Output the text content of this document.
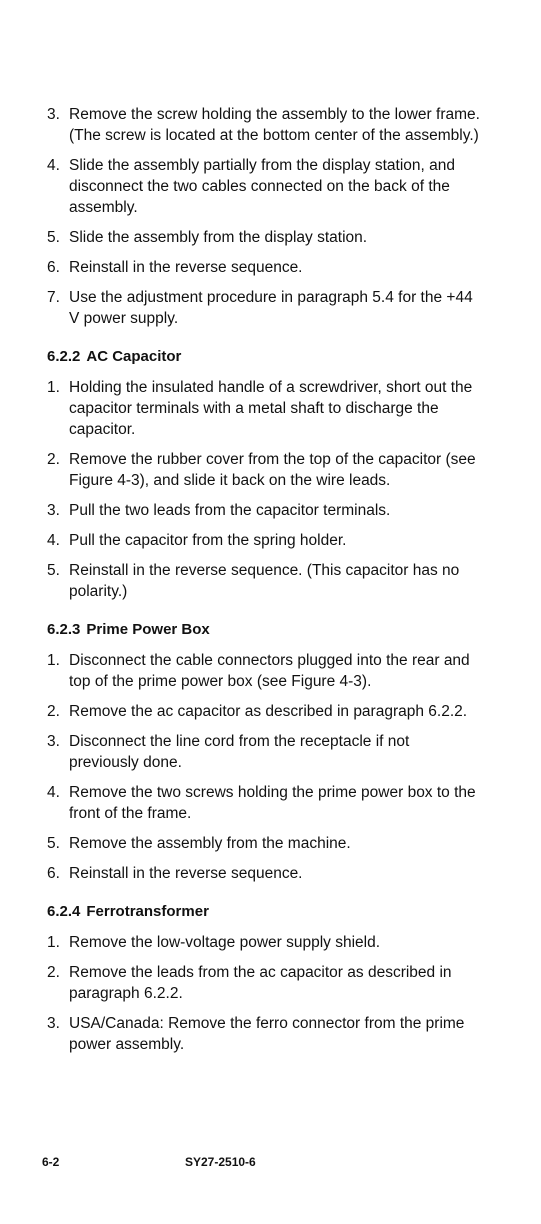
3. Remove the screw holding the assembly to the lower frame. (The screw is located at the bottom center of the assembly.)
4. Slide the assembly partially from the display station, and disconnect the two cables connected on the back of the assembly.
5. Slide the assembly from the display station.
6. Reinstall in the reverse sequence.
7. Use the adjustment procedure in paragraph 5.4 for the +44 V power supply.
6.2.2 AC Capacitor
1. Holding the insulated handle of a screwdriver, short out the capacitor terminals with a metal shaft to discharge the capacitor.
2. Remove the rubber cover from the top of the capacitor (see Figure 4-3), and slide it back on the wire leads.
3. Pull the two leads from the capacitor terminals.
4. Pull the capacitor from the spring holder.
5. Reinstall in the reverse sequence. (This capacitor has no polarity.)
6.2.3 Prime Power Box
1. Disconnect the cable connectors plugged into the rear and top of the prime power box (see Figure 4-3).
2. Remove the ac capacitor as described in paragraph 6.2.2.
3. Disconnect the line cord from the receptacle if not previously done.
4. Remove the two screws holding the prime power box to the front of the frame.
5. Remove the assembly from the machine.
6. Reinstall in the reverse sequence.
6.2.4 Ferrotransformer
1. Remove the low-voltage power supply shield.
2. Remove the leads from the ac capacitor as described in paragraph 6.2.2.
3. USA/Canada: Remove the ferro connector from the prime power assembly.
6-2	SY27-2510-6
